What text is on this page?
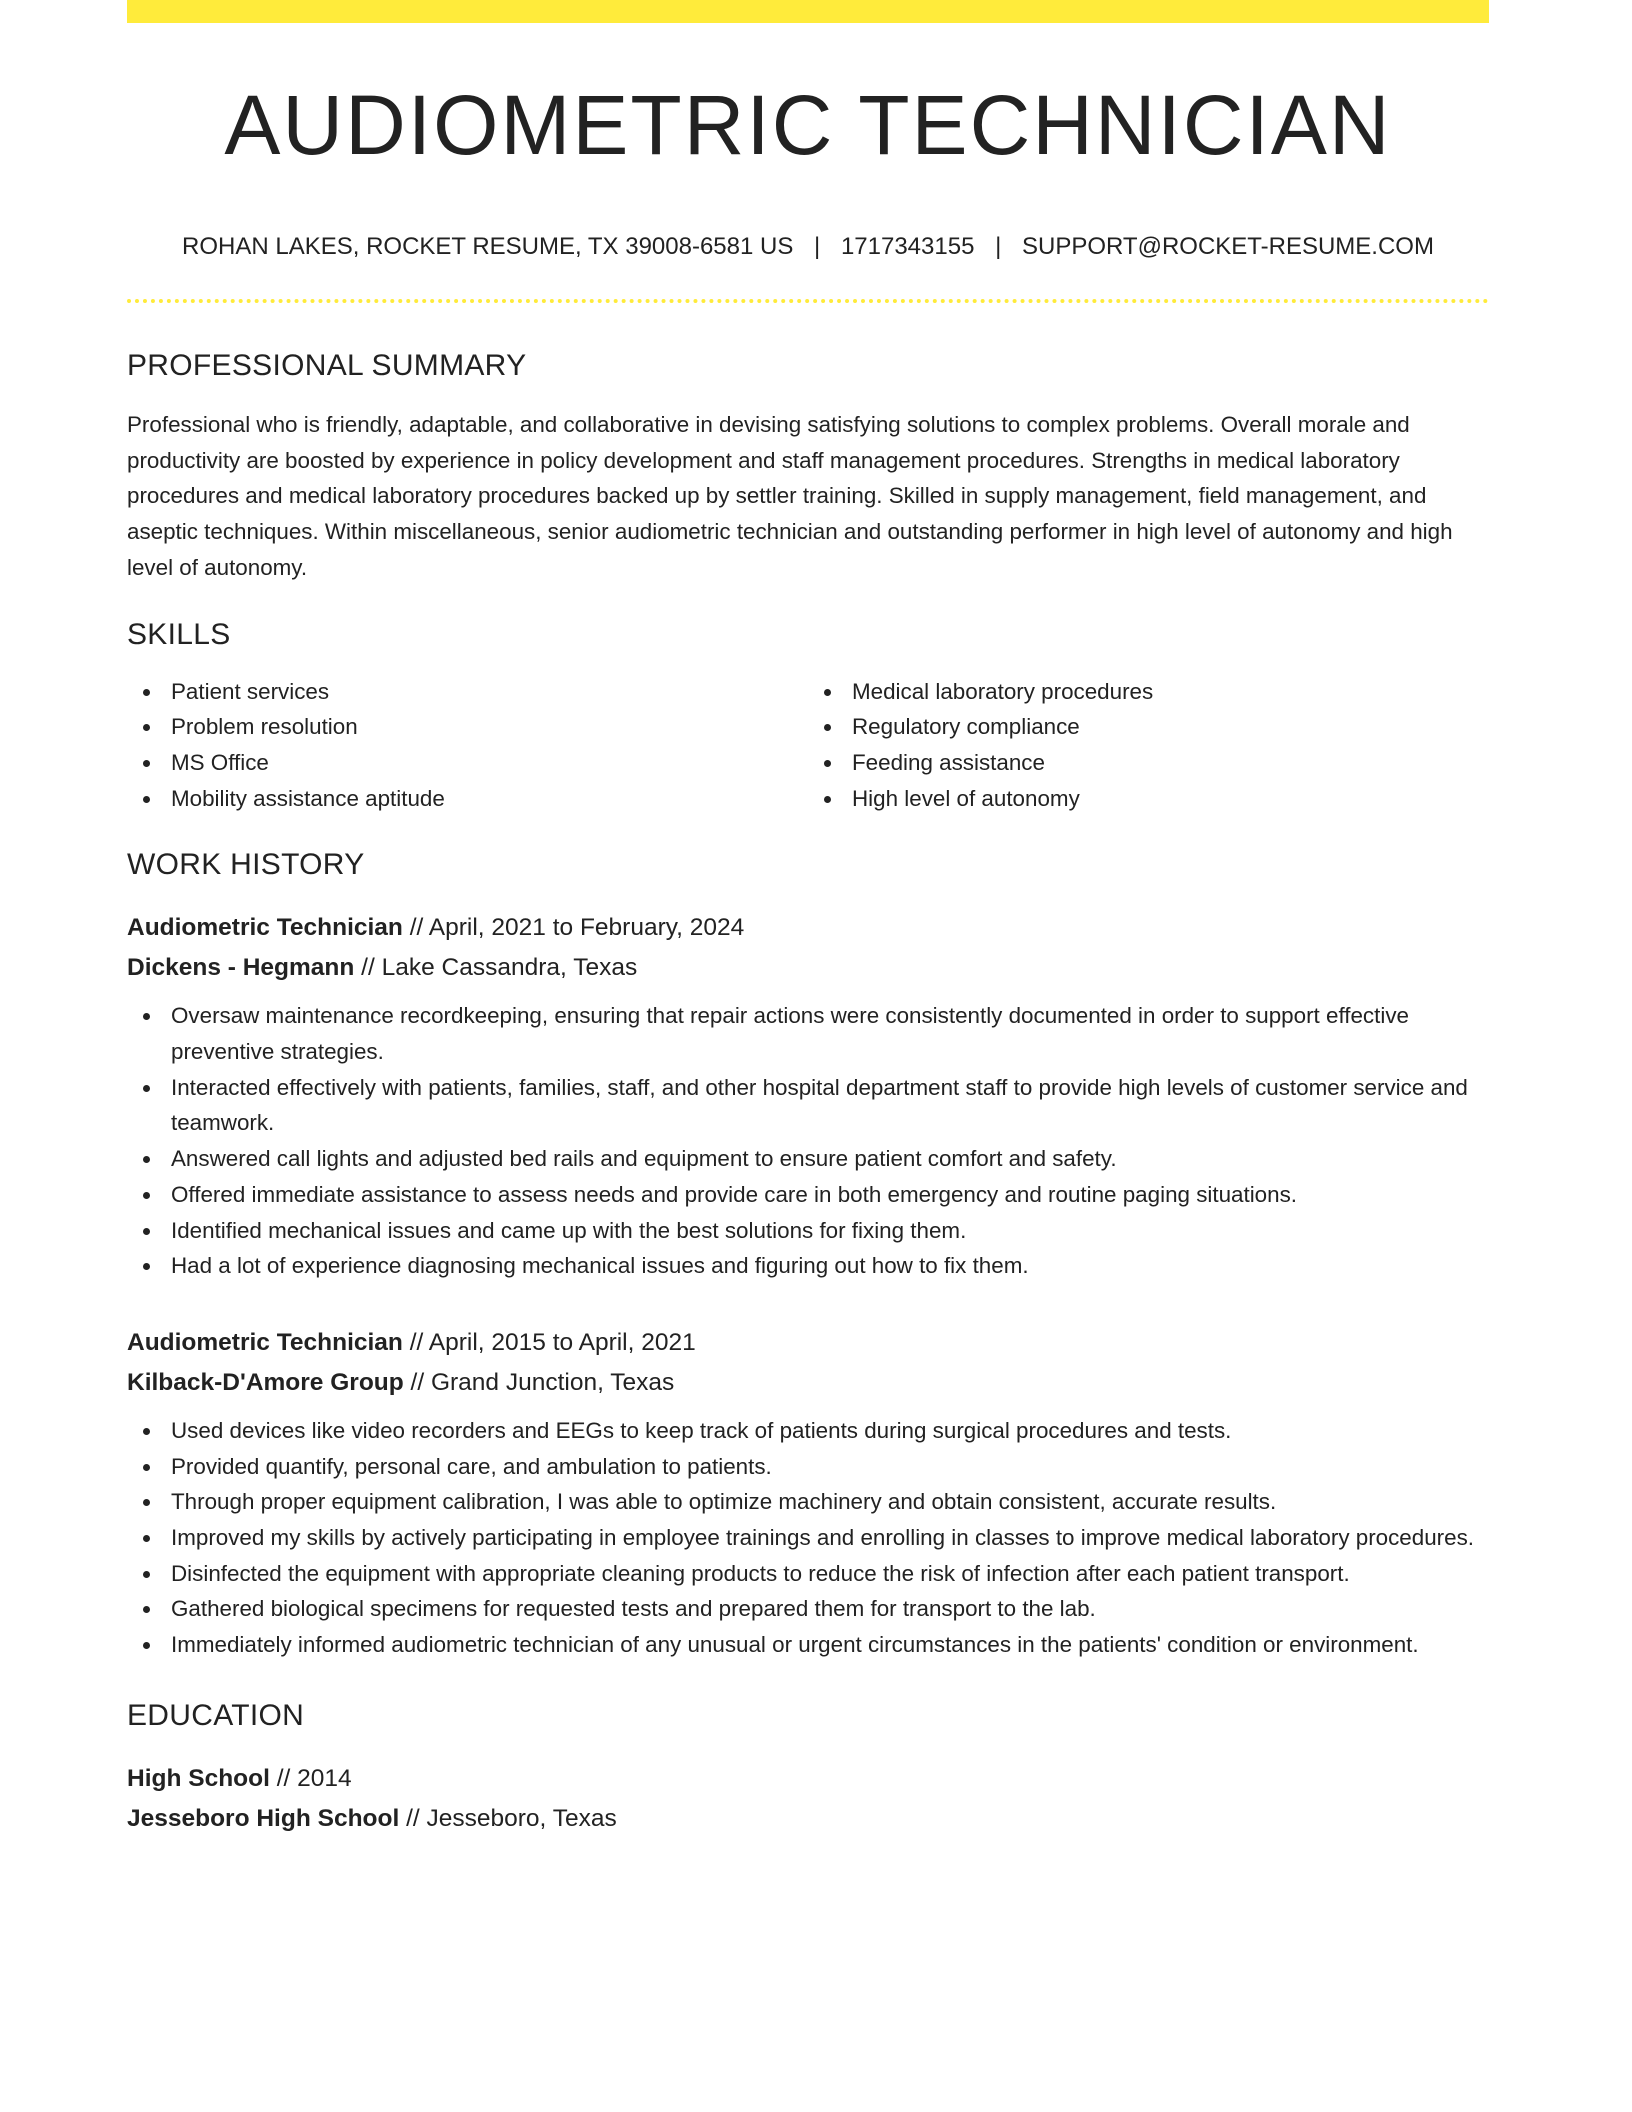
AUDIOMETRIC TECHNICIAN
ROHAN LAKES, ROCKET RESUME, TX 39008-6581 US | 1717343155 | SUPPORT@ROCKET-RESUME.COM
PROFESSIONAL SUMMARY

Professional who is friendly, adaptable, and collaborative in devising satisfying solutions to complex problems. Overall morale and productivity are boosted by experience in policy development and staff management procedures. Strengths in medical laboratory procedures and medical laboratory procedures backed up by settler training. Skilled in supply management, field management, and aseptic techniques. Within miscellaneous, senior audiometric technician and outstanding performer in high level of autonomy and high level of autonomy.

SKILLS
Patient services
Problem resolution
MS Office
Mobility assistance aptitude
Medical laboratory procedures
Regulatory compliance
Feeding assistance
High level of autonomy
WORK HISTORY
Audiometric Technician // April, 2021 to February, 2024
Dickens - Hegmann // Lake Cassandra, Texas
Oversaw maintenance recordkeeping, ensuring that repair actions were consistently documented in order to support effective preventive strategies.
Interacted effectively with patients, families, staff, and other hospital department staff to provide high levels of customer service and teamwork.
Answered call lights and adjusted bed rails and equipment to ensure patient comfort and safety.
Offered immediate assistance to assess needs and provide care in both emergency and routine paging situations.
Identified mechanical issues and came up with the best solutions for fixing them.
Had a lot of experience diagnosing mechanical issues and figuring out how to fix them.
Audiometric Technician // April, 2015 to April, 2021
Kilback-D'Amore Group // Grand Junction, Texas
Used devices like video recorders and EEGs to keep track of patients during surgical procedures and tests.
Provided quantify, personal care, and ambulation to patients.
Through proper equipment calibration, I was able to optimize machinery and obtain consistent, accurate results.
Improved my skills by actively participating in employee trainings and enrolling in classes to improve medical laboratory procedures.
Disinfected the equipment with appropriate cleaning products to reduce the risk of infection after each patient transport.
Gathered biological specimens for requested tests and prepared them for transport to the lab.
Immediately informed audiometric technician of any unusual or urgent circumstances in the patients' condition or environment.
EDUCATION
High School // 2014
Jesseboro High School // Jesseboro, Texas
